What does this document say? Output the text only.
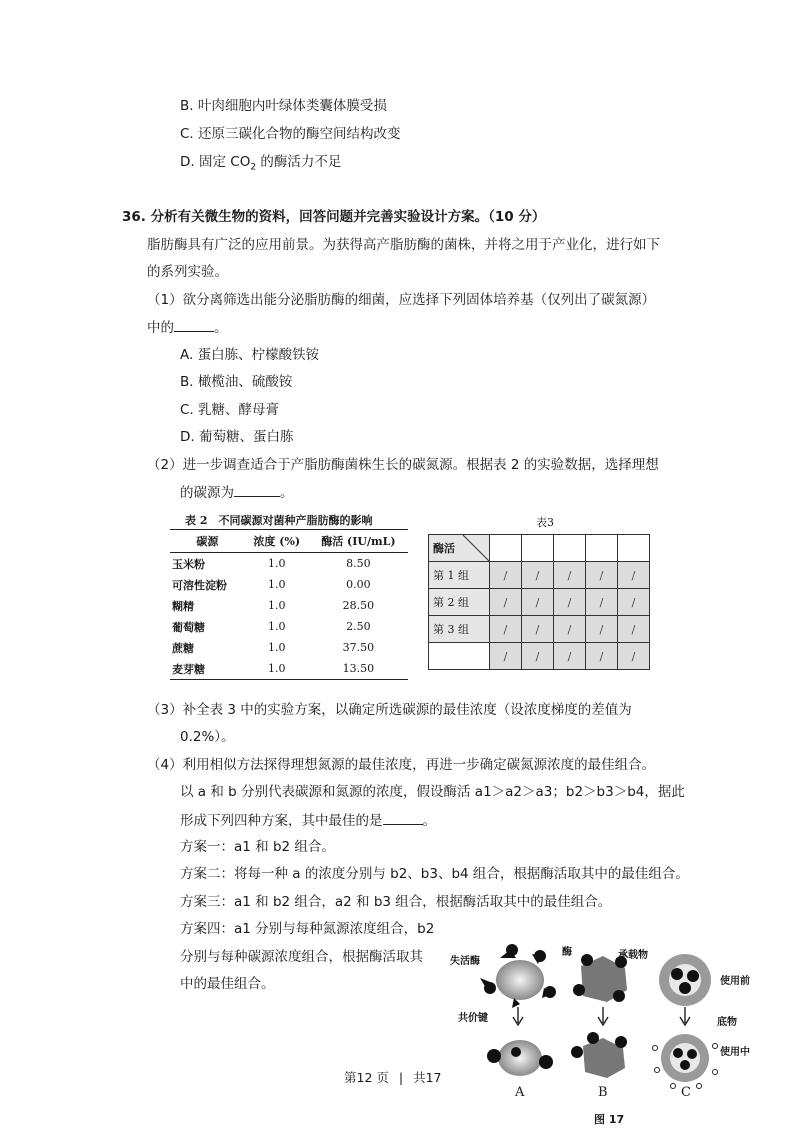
B. 叶肉细胞内叶绿体类囊体膜受损
C. 还原三碳化合物的酶空间结构改变
D. 固定 $CO_2$ 的酶活力不足
36. 分析有关微生物的资料，回答问题并完善实验设计方案。（10 分）
脂肪酶具有广泛的应用前景。为获得高产脂肪酶的菌株，并将之用于产业化，进行如下
的系列实验。
（1）欲分离筛选出能分泌脂肪酶的细菌，应选择下列固体培养基（仅列出了碳氮源）
中的	。
A. 蛋白胨、柠檬酸铁铵
B. 橄榄油、硫酸铵
C. 乳糖、酵母膏
D. 葡萄糖、蛋白胨
（2）进一步调查适合于产脂肪酶菌株生长的碳氮源。根据表 2 的实验数据，选择理想
的碳源为	。
表 2　不同碳源对菌种产脂肪酶的影响
碳源	浓度 (%)	酶活 (IU/mL)
玉米粉	1.0	8.50
可溶性淀粉	1.0	0.00
糊精	1.0	28.50
葡萄糖	1.0	2.50
蔗糖	1.0	37.50
麦芽糖	1.0	13.50
表3
酶活

第 1 组	/	/	/	/	/
第 2 组	/	/	/	/	/
第 3 组	/	/	/	/	/
	/	/	/	/	/
（3）补全表 3 中的实验方案，以确定所选碳源的最佳浓度（设浓度梯度的差值为
0.2%）。
（4）利用相似方法探得理想氮源的最佳浓度，再进一步确定碳氮源浓度的最佳组合。
以 a 和 b 分别代表碳源和氮源的浓度，假设酶活 a1＞a2＞a3；b2＞b3＞b4，据此
形成下列四种方案，其中最佳的是	。
方案一：a1 和 b2 组合。
方案二：将每一种 a 的浓度分别与 b2、b3、b4 组合，根据酶活取其中的最佳组合。
方案三：a1 和 b2 组合，a2 和 b3 组合，根据酶活取其中的最佳组合。
方案四：a1 分别与每种氮源浓度组合，b2
分别与每种碳源浓度组合，根据酶活取其
中的最佳组合。
失活酶
酶	承载物
共价键
使用前
底物
使用中
A	B	C
图 17
第12 页 | 共17
